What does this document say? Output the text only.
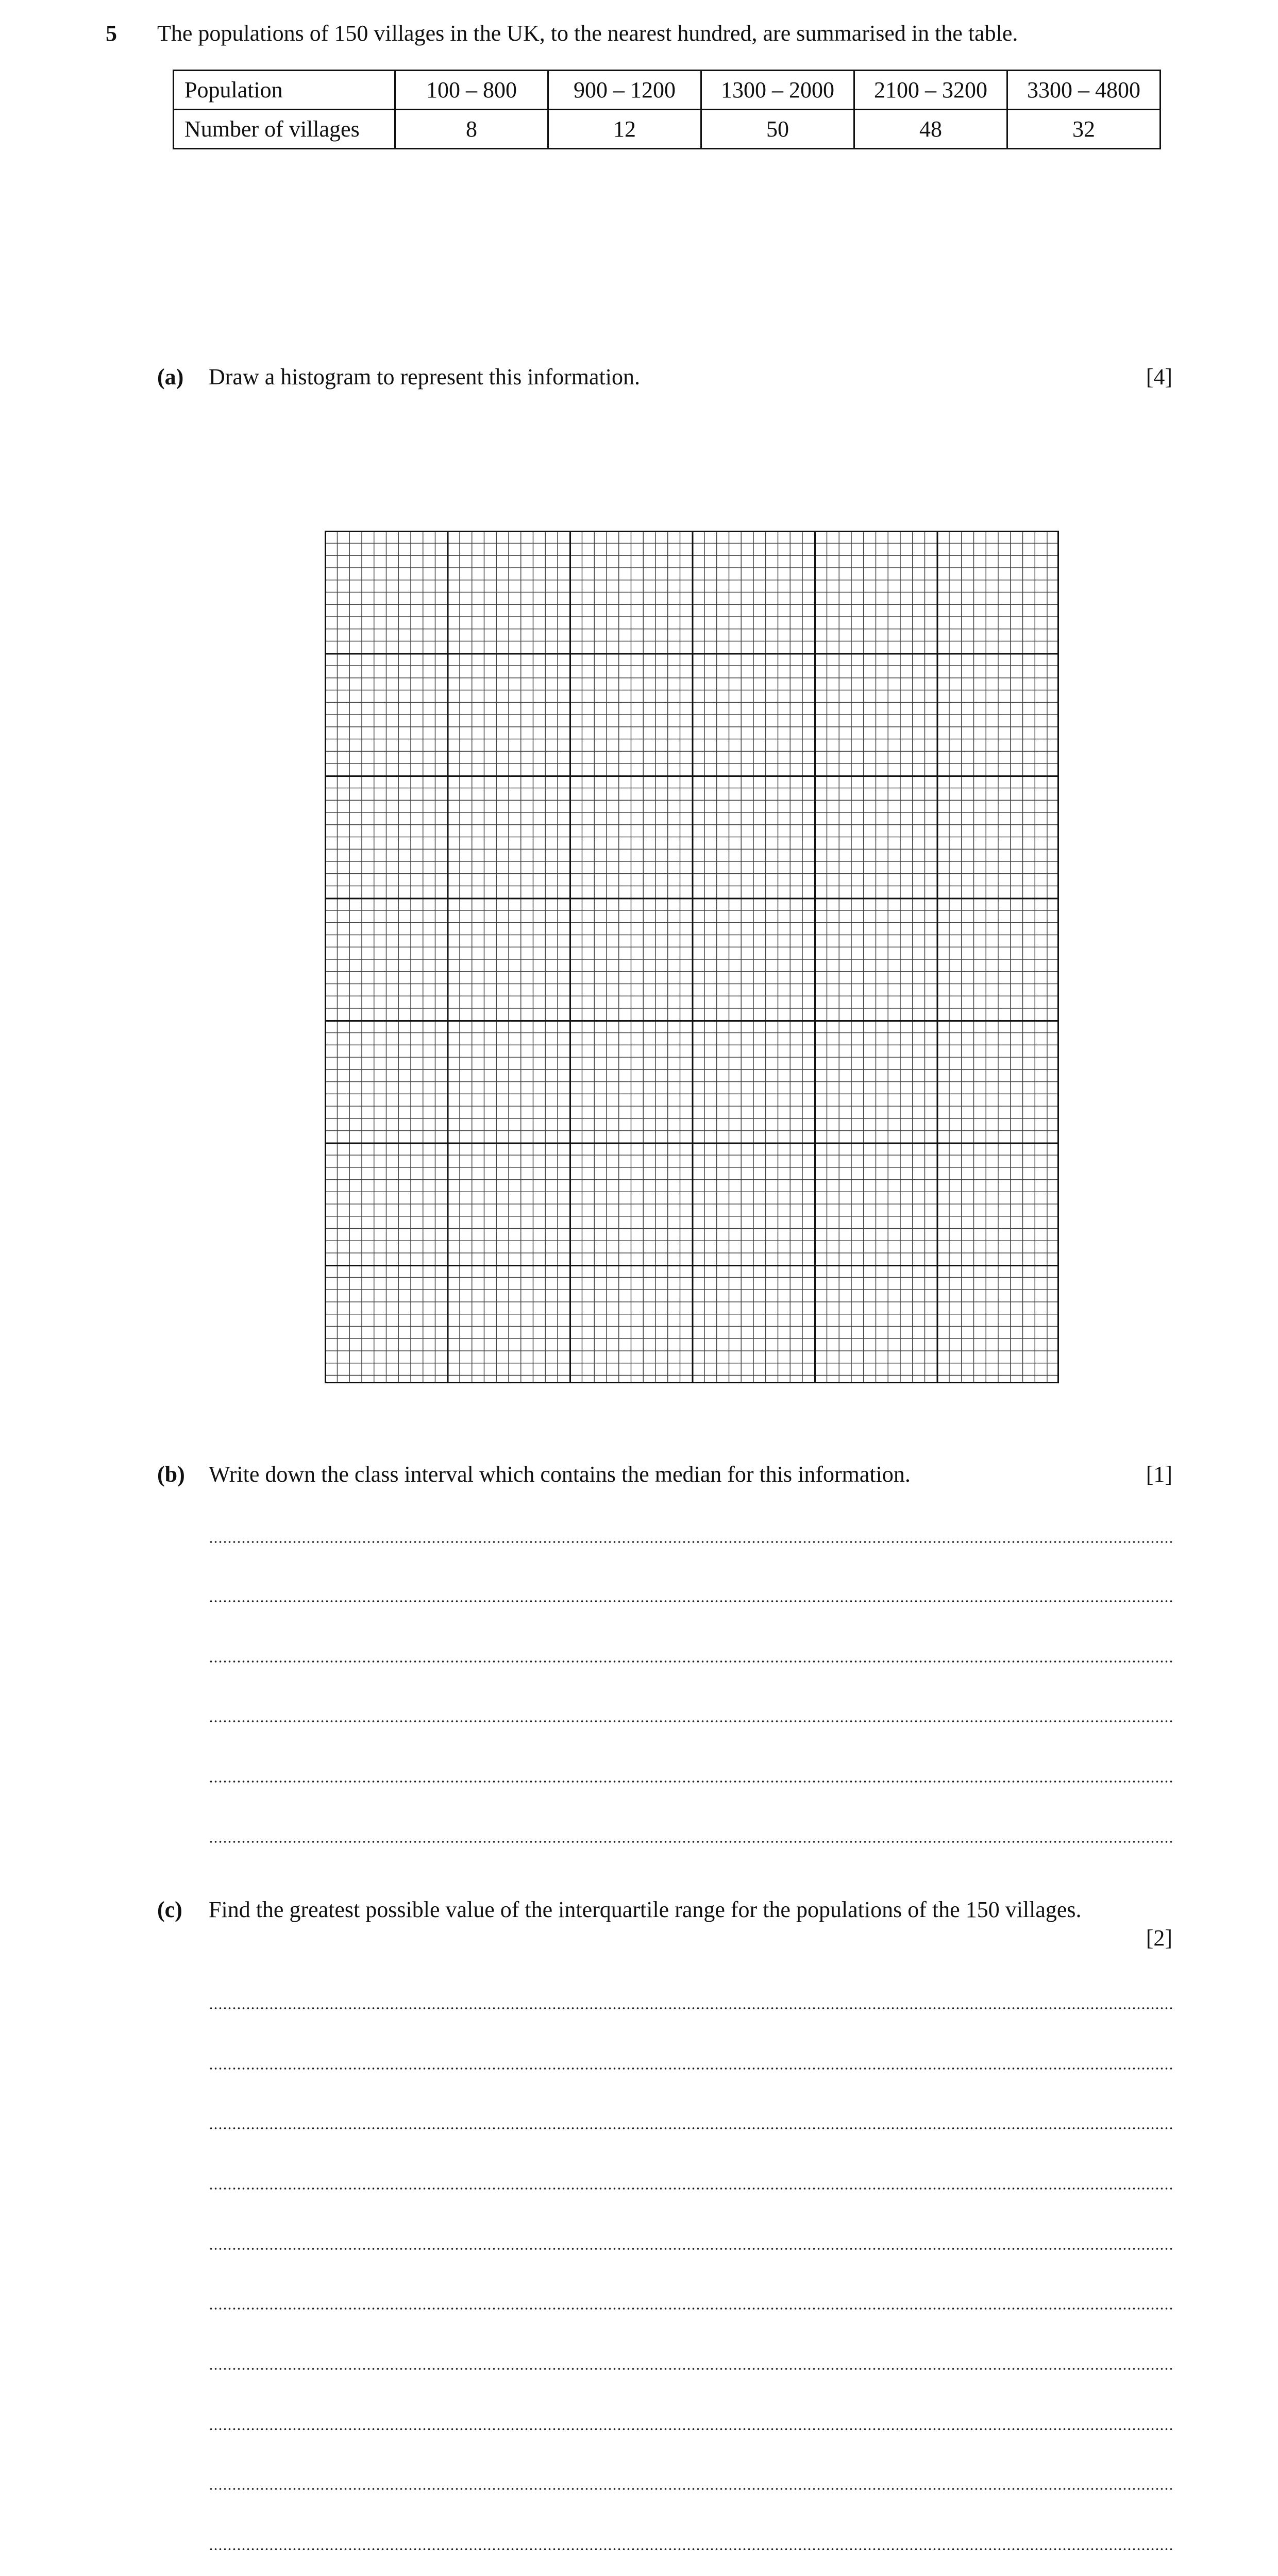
5 The populations of 150 villages in the UK, to the nearest hundred, are summarised in the table.
Population	100 – 800	900 – 1200	1300 – 2000	2100 – 3200	3300 – 4800
Number of villages	8	12	50	48	32
(a) Draw a histogram to represent this information.	[4]
(b) Write down the class interval which contains the median for this information.	[1]
(c) Find the greatest possible value of the interquartile range for the populations of the 150 villages.
[2]
